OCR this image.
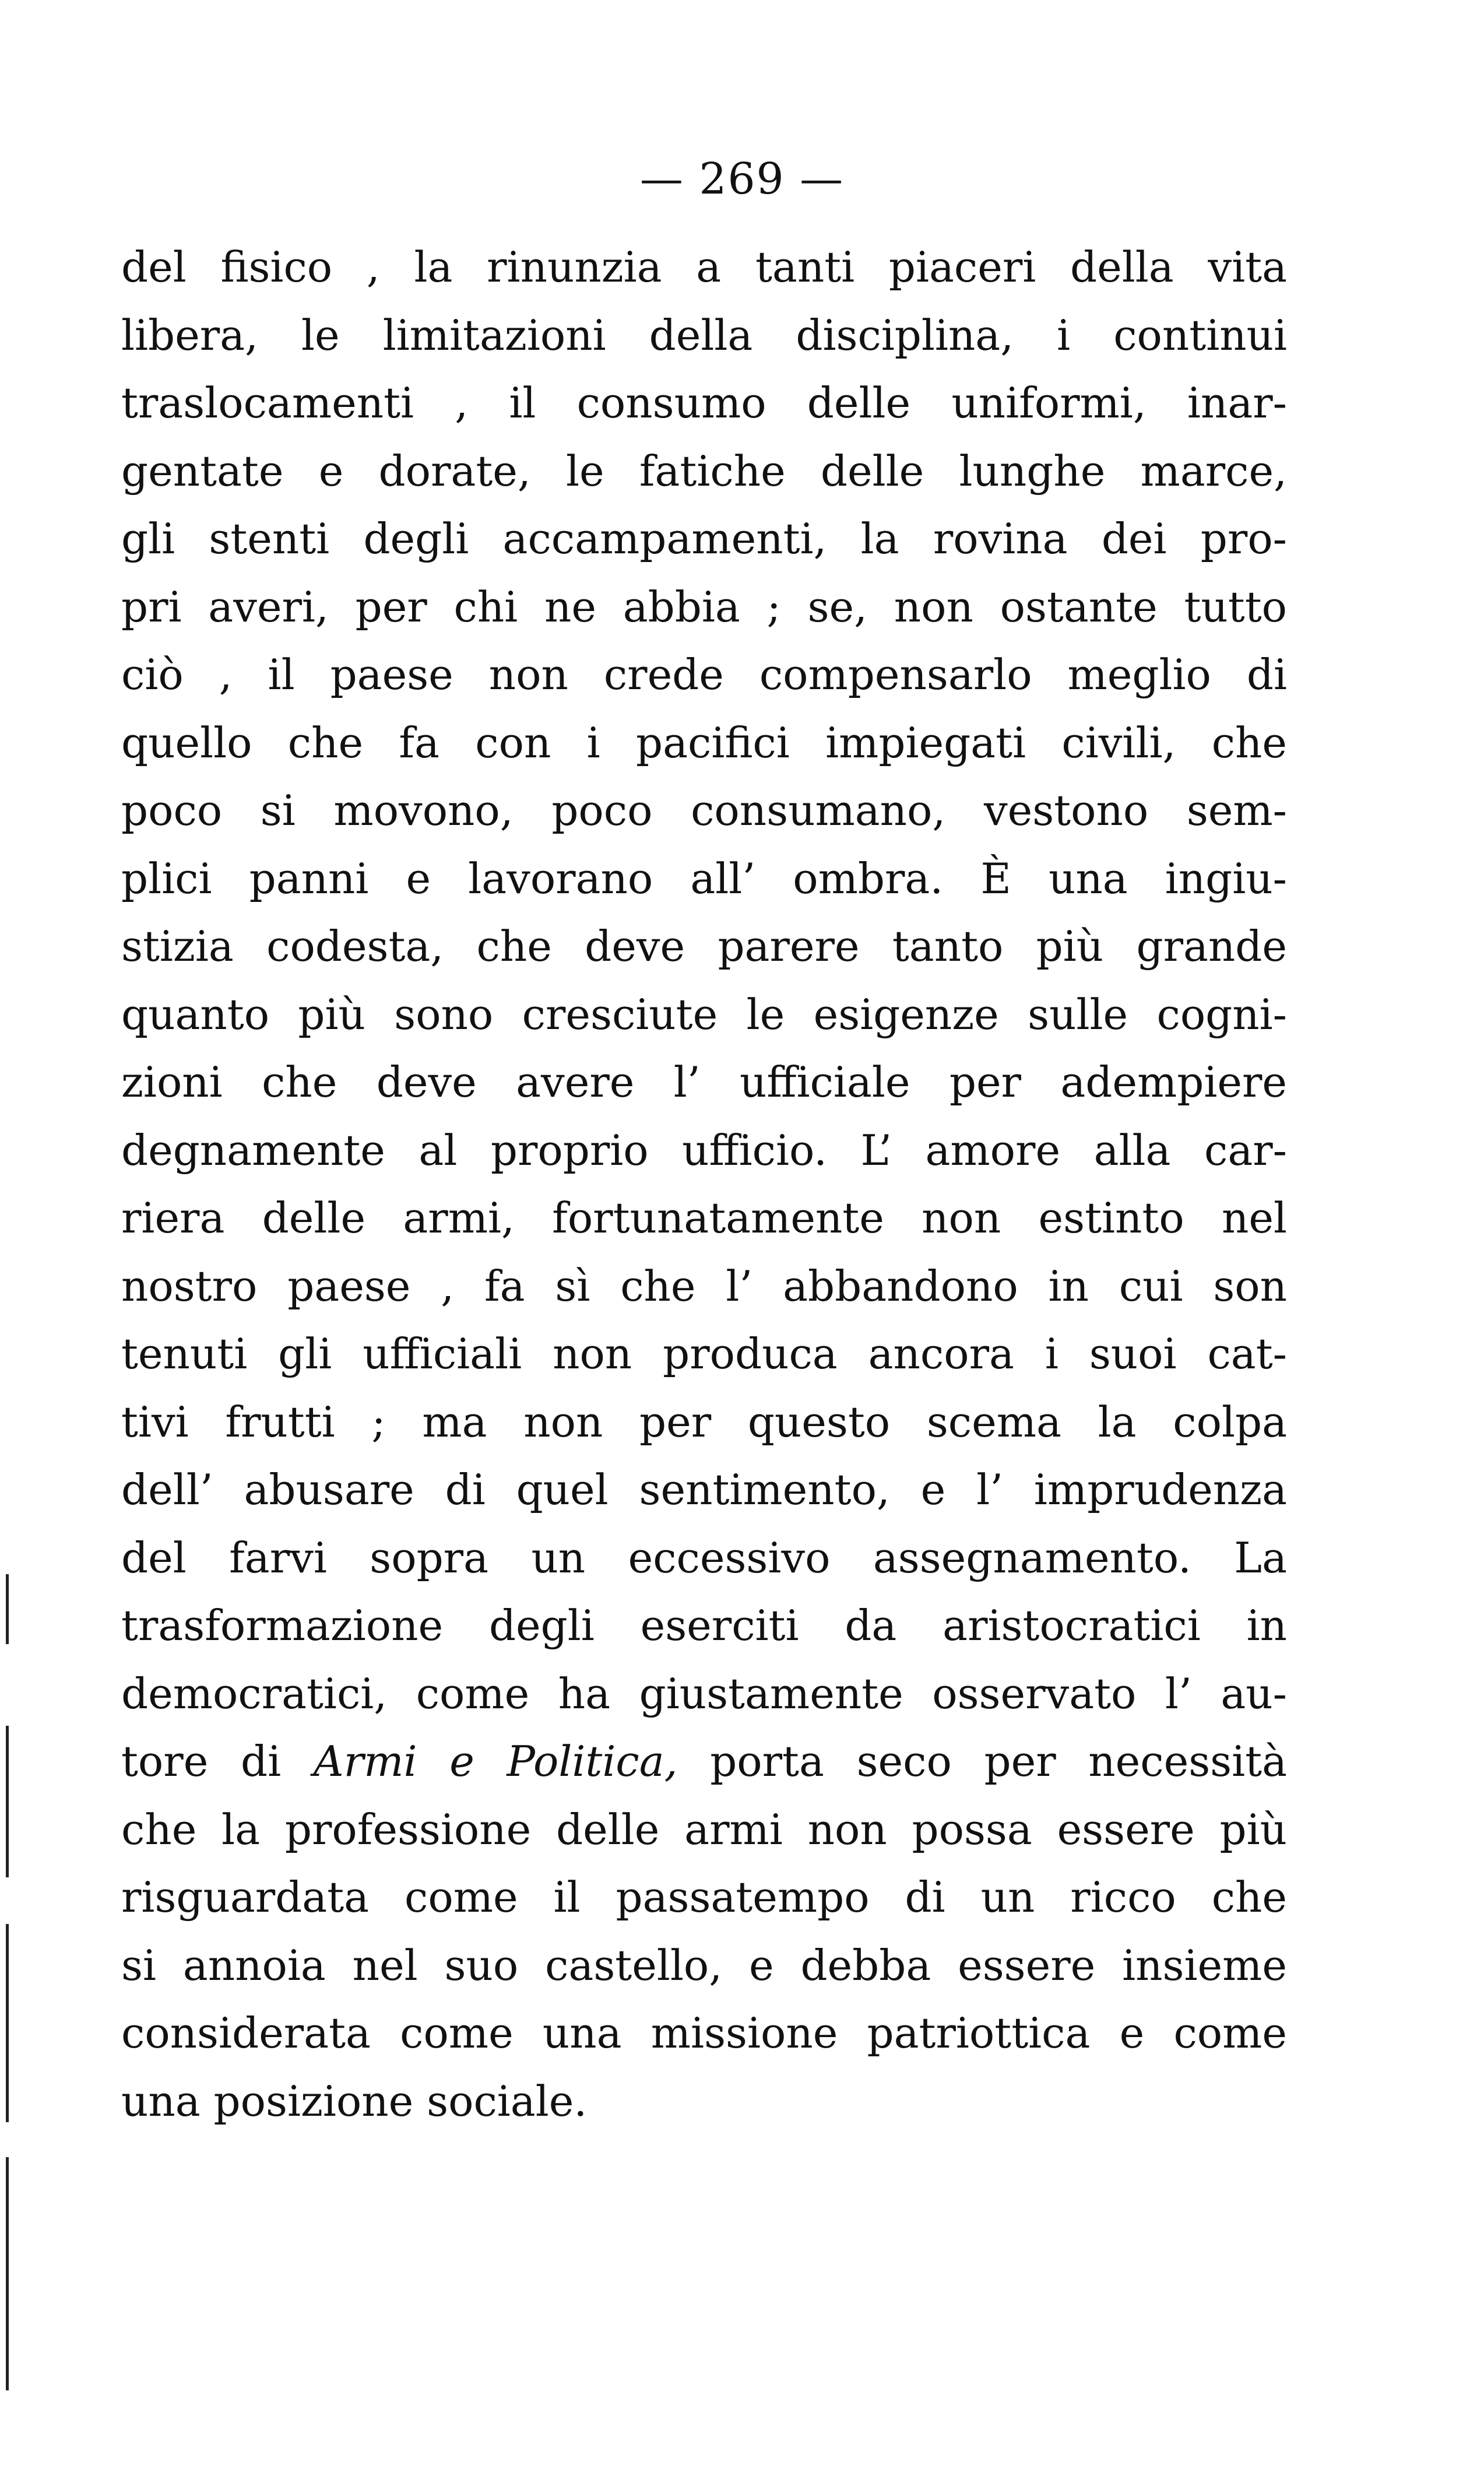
— 269 —
del fisico , la rinunzia a tanti piaceri della vita
libera, le limitazioni della disciplina, i continui
traslocamenti , il consumo delle uniformi, inar-
gentate e dorate, le fatiche delle lunghe marce,
gli stenti degli accampamenti, la rovina dei pro-
pri averi, per chi ne abbia ; se, non ostante tutto
ciò , il paese non crede compensarlo meglio di
quello che fa con i pacifici impiegati civili, che
poco si movono, poco consumano, vestono sem-
plici panni e lavorano all’ ombra. È una ingiu-
stizia codesta, che deve parere tanto più grande
quanto più sono cresciute le esigenze sulle cogni-
zioni che deve avere l’ ufficiale per adempiere
degnamente al proprio ufficio. L’ amore alla car-
riera delle armi, fortunatamente non estinto nel
nostro paese , fa sì che l’ abbandono in cui son
tenuti gli ufficiali non produca ancora i suoi cat-
tivi frutti ; ma non per questo scema la colpa
dell’ abusare di quel sentimento, e l’ imprudenza
del farvi sopra un eccessivo assegnamento. La
trasformazione degli eserciti da aristocratici in
democratici, come ha giustamente osservato l’ au-
tore di Armi e Politica, porta seco per necessità
che la professione delle armi non possa essere più
risguardata come il passatempo di un ricco che
si annoia nel suo castello, e debba essere insieme
considerata come una missione patriottica e come
una posizione sociale.
